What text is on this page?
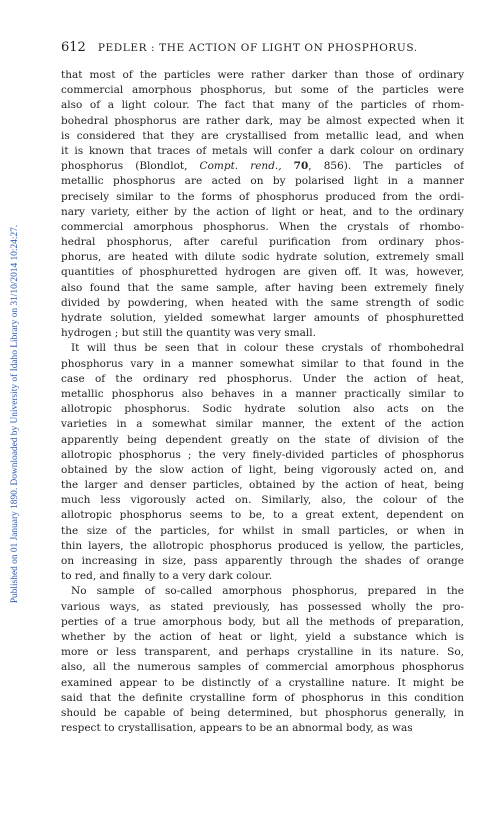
Published on 01 January 1890. Downloaded by University of Idaho Library on 31/10/2014 10:24:27.
612 PEDLER : THE ACTION OF LIGHT ON PHOSPHORUS.
that most of the particles were rather darker than those of ordinary
commercial amorphous phosphorus, but some of the particles were
also of a light colour. The fact that many of the particles of rhom-
bohedral phosphorus are rather dark, may be almost expected when it
is considered that they are crystallised from metallic lead, and when
it is known that traces of metals will confer a dark colour on ordinary
phosphorus (Blondlot, Compt. rend., 70, 856). The particles of
metallic phosphorus are acted on by polarised light in a manner
precisely similar to the forms of phosphorus produced from the ordi-
nary variety, either by the action of light or heat, and to the ordinary
commercial amorphous phosphorus. When the crystals of rhombo-
hedral phosphorus, after careful purification from ordinary phos-
phorus, are heated with dilute sodic hydrate solution, extremely small
quantities of phosphuretted hydrogen are given off. It was, however,
also found that the same sample, after having been extremely finely
divided by powdering, when heated with the same strength of sodic
hydrate solution, yielded somewhat larger amounts of phosphuretted
hydrogen ; but still the quantity was very small.
It will thus be seen that in colour these crystals of rhombohedral
phosphorus vary in a manner somewhat similar to that found in the
case of the ordinary red phosphorus. Under the action of heat,
metallic phosphorus also behaves in a manner practically similar to
allotropic phosphorus. Sodic hydrate solution also acts on the
varieties in a somewhat similar manner, the extent of the action
apparently being dependent greatly on the state of division of the
allotropic phosphorus ; the very finely-divided particles of phosphorus
obtained by the slow action of light, being vigorously acted on, and
the larger and denser particles, obtained by the action of heat, being
much less vigorously acted on. Similarly, also, the colour of the
allotropic phosphorus seems to be, to a great extent, dependent on
the size of the particles, for whilst in small particles, or when in
thin layers, the allotropic phosphorus produced is yellow, the particles,
on increasing in size, pass apparently through the shades of orange
to red, and finally to a very dark colour.
No sample of so-called amorphous phosphorus, prepared in the
various ways, as stated previously, has possessed wholly the pro-
perties of a true amorphous body, but all the methods of preparation,
whether by the action of heat or light, yield a substance which is
more or less transparent, and perhaps crystalline in its nature. So,
also, all the numerous samples of commercial amorphous phosphorus
examined appear to be distinctly of a crystalline nature. It might be
said that the definite crystalline form of phosphorus in this condition
should be capable of being determined, but phosphorus generally, in
respect to crystallisation, appears to be an abnormal body, as was
